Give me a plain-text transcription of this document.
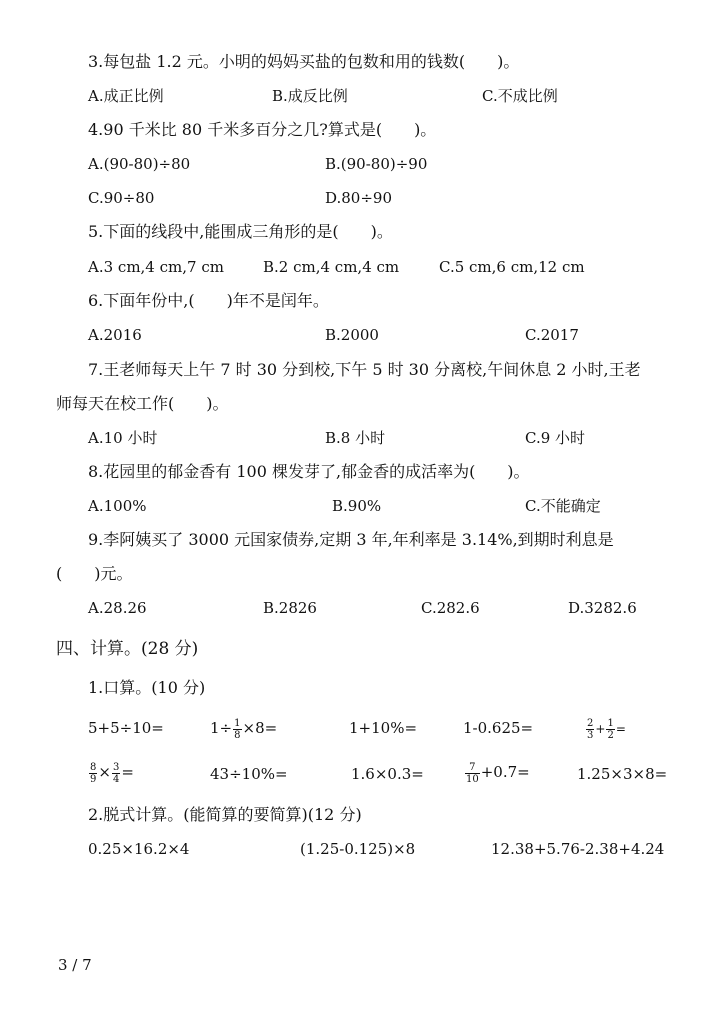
3.每包盐 1.2 元。小明的妈妈买盐的包数和用的钱数(　　)。
A.成正比例	B.成反比例	C.不成比例
4.90 千米比 80 千米多百分之几?算式是(　　)。
A.(90-80)÷80	B.(90-80)÷90
C.90÷80	D.80÷90
5.下面的线段中,能围成三角形的是(　　)。
A.3 cm,4 cm,7 cm	B.2 cm,4 cm,4 cm	C.5 cm,6 cm,12 cm
6.下面年份中,(　　)年不是闰年。
A.2016	B.2000	C.2017
7.王老师每天上午 7 时 30 分到校,下午 5 时 30 分离校,午间休息 2 小时,王老
师每天在校工作(　　)。
A.10 小时	B.8 小时	C.9 小时
8.花园里的郁金香有 100 棵发芽了,郁金香的成活率为(　　)。
A.100%	B.90%	C.不能确定
9.李阿姨买了 3000 元国家债券,定期 3 年,年利率是 3.14%,到期时利息是
(　　)元。
A.28.26	B.2826	C.282.6	D.3282.6
四、计算。(28 分)
1.口算。(10 分)
5+5÷10=	$1\div \frac{1}{8} \times 8=$	1+10%=	1-0.625=	$\frac{2}{3} + \frac{1}{2}$ =
$\frac{8}{9} \times \frac{3}{4}$ =	43÷10%=	1.6×0.3=	$\frac{7}{10} +0.7=$	1.25×3×8=
2.脱式计算。(能简算的要简算)(12 分)
0.25×16.2×4	(1.25-0.125)×8	12.38+5.76-2.38+4.24
3 / 7
